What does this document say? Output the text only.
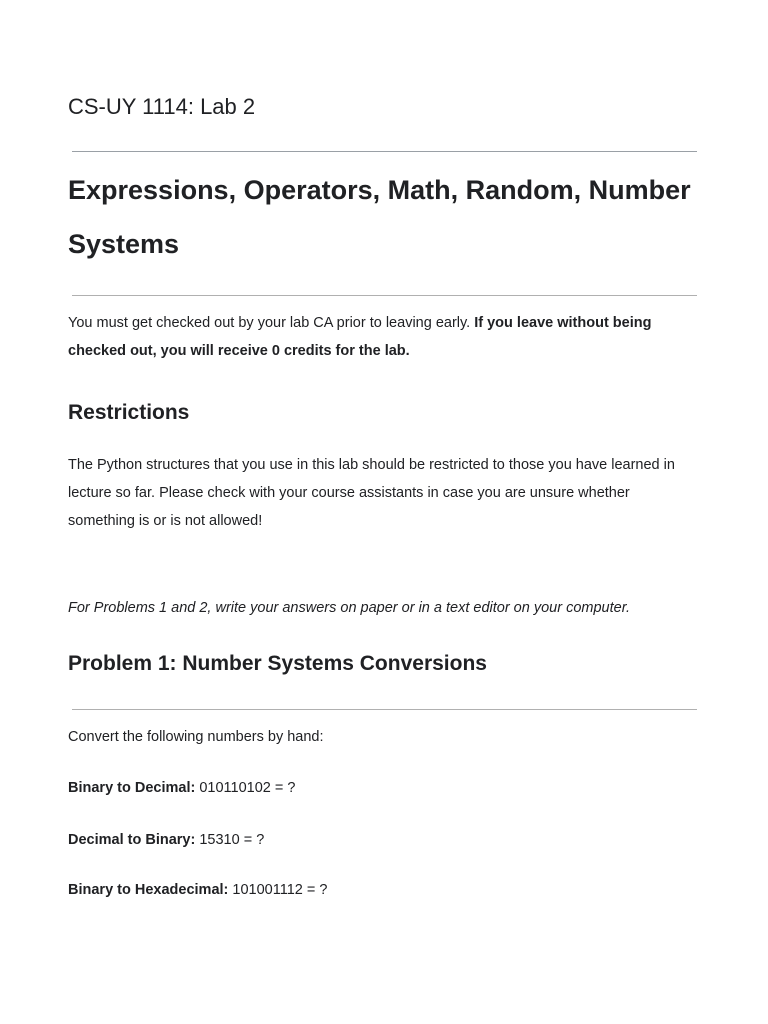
CS-UY 1114: Lab 2
Expressions, Operators, Math, Random, Number Systems

You must get checked out by your lab CA prior to leaving early. If you leave without being checked out, you will receive 0 credits for the lab.

Restrictions

The Python structures that you use in this lab should be restricted to those you have learned in lecture so far. Please check with your course assistants in case you are unsure whether something is or is not allowed!

For Problems 1 and 2, write your answers on paper or in a text editor on your computer.

Problem 1: Number Systems Conversions

Convert the following numbers by hand:

Binary to Decimal: 010110102 = ?

Decimal to Binary: 15310 = ?

Binary to Hexadecimal: 101001112 = ?
